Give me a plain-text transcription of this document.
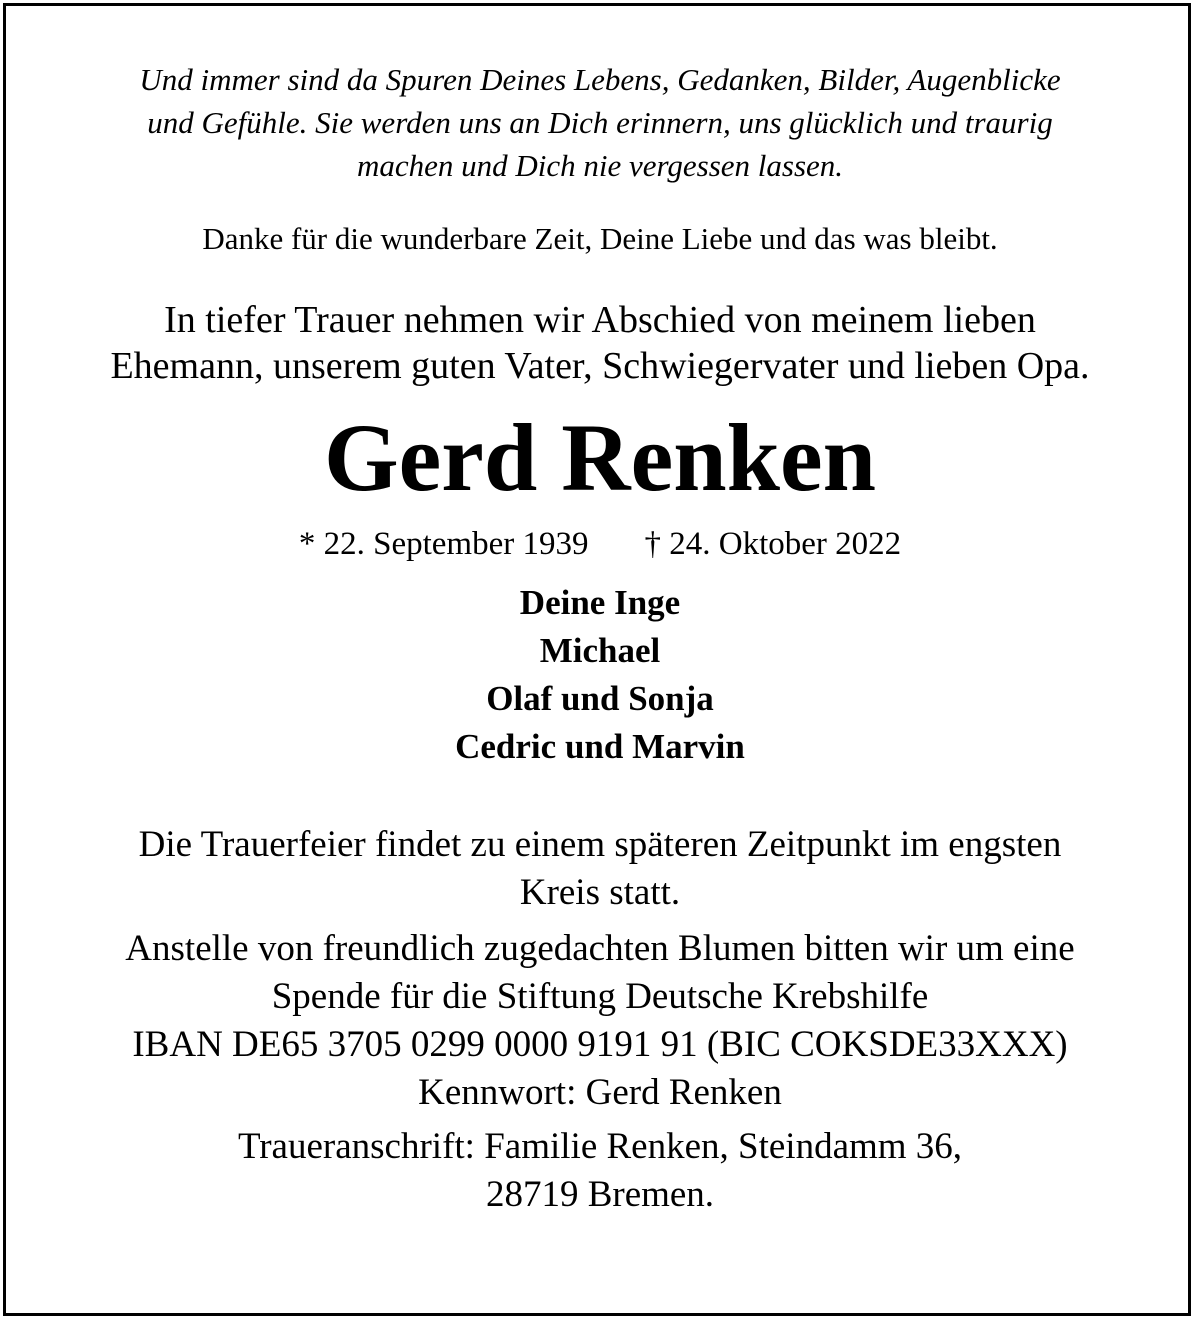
Und immer sind da Spuren Deines Lebens, Gedanken, Bilder, Augenblicke
und Gefühle. Sie werden uns an Dich erinnern, uns glücklich und traurig
machen und Dich nie vergessen lassen.
Danke für die wunderbare Zeit, Deine Liebe und das was bleibt.
In tiefer Trauer nehmen wir Abschied von meinem lieben
Ehemann, unserem guten Vater, Schwiegervater und lieben Opa.
Gerd Renken
* 22. September 1939 † 24. Oktober 2022
Deine Inge
Michael
Olaf und Sonja
Cedric und Marvin
Die Trauerfeier findet zu einem späteren Zeitpunkt im engsten
Kreis statt.
Anstelle von freundlich zugedachten Blumen bitten wir um eine
Spende für die Stiftung Deutsche Krebshilfe
IBAN DE65 3705 0299 0000 9191 91 (BIC COKSDE33XXX)
Kennwort: Gerd Renken
Traueranschrift: Familie Renken, Steindamm 36,
28719 Bremen.
